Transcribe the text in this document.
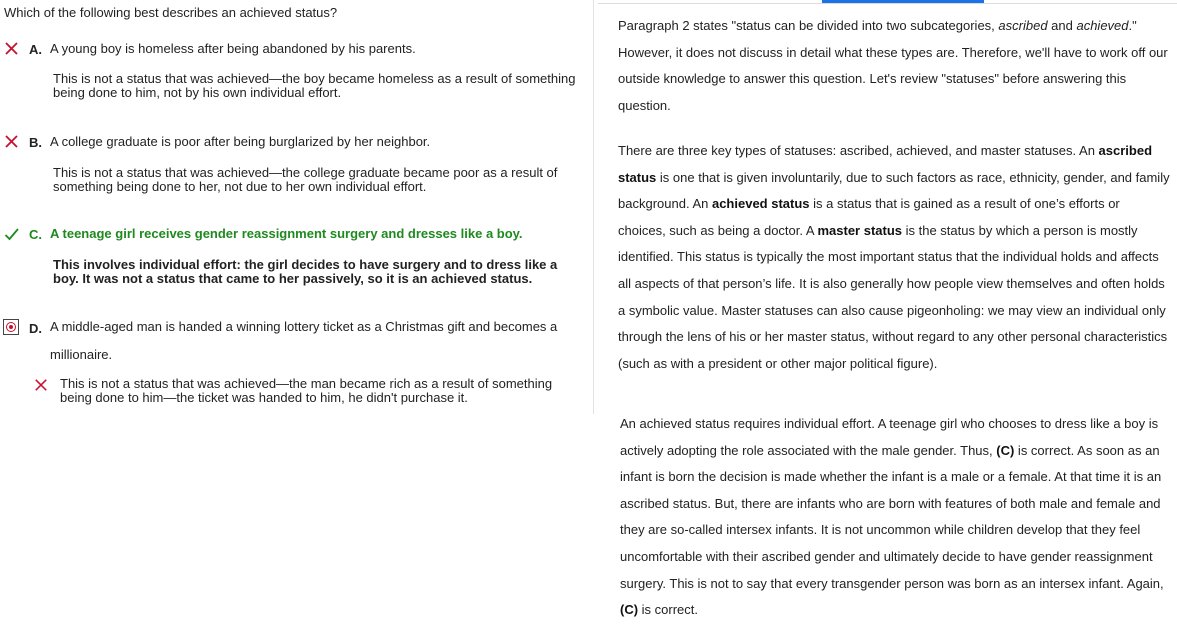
Which of the following best describes an achieved status?
A. A young boy is homeless after being abandoned by his parents.
This is not a status that was achieved—the boy became homeless as a result of something being done to him, not by his own individual effort.
B. A college graduate is poor after being burglarized by her neighbor.
This is not a status that was achieved—the college graduate became poor as a result of something being done to her, not due to her own individual effort.
C. A teenage girl receives gender reassignment surgery and dresses like a boy.
This involves individual effort: the girl decides to have surgery and to dress like a boy. It was not a status that came to her passively, so it is an achieved status.
D. A middle-aged man is handed a winning lottery ticket as a Christmas gift and becomes a millionaire.
This is not a status that was achieved—the man became rich as a result of something being done to him—the ticket was handed to him, he didn't purchase it.
Paragraph 2 states "status can be divided into two subcategories, ascribed and achieved." However, it does not discuss in detail what these types are. Therefore, we'll have to work off our outside knowledge to answer this question. Let's review "statuses" before answering this question.
There are three key types of statuses: ascribed, achieved, and master statuses. An ascribed status is one that is given involuntarily, due to such factors as race, ethnicity, gender, and family background. An achieved status is a status that is gained as a result of one’s efforts or choices, such as being a doctor. A master status is the status by which a person is mostly identified. This status is typically the most important status that the individual holds and affects all aspects of that person’s life. It is also generally how people view themselves and often holds a symbolic value. Master statuses can also cause pigeonholing: we may view an individual only through the lens of his or her master status, without regard to any other personal characteristics (such as with a president or other major political figure).
An achieved status requires individual effort. A teenage girl who chooses to dress like a boy is actively adopting the role associated with the male gender. Thus, (C) is correct. As soon as an infant is born the decision is made whether the infant is a male or a female. At that time it is an ascribed status. But, there are infants who are born with features of both male and female and they are so-called intersex infants. It is not uncommon while children develop that they feel uncomfortable with their ascribed gender and ultimately decide to have gender reassignment surgery. This is not to say that every transgender person was born as an intersex infant. Again, (C) is correct.
